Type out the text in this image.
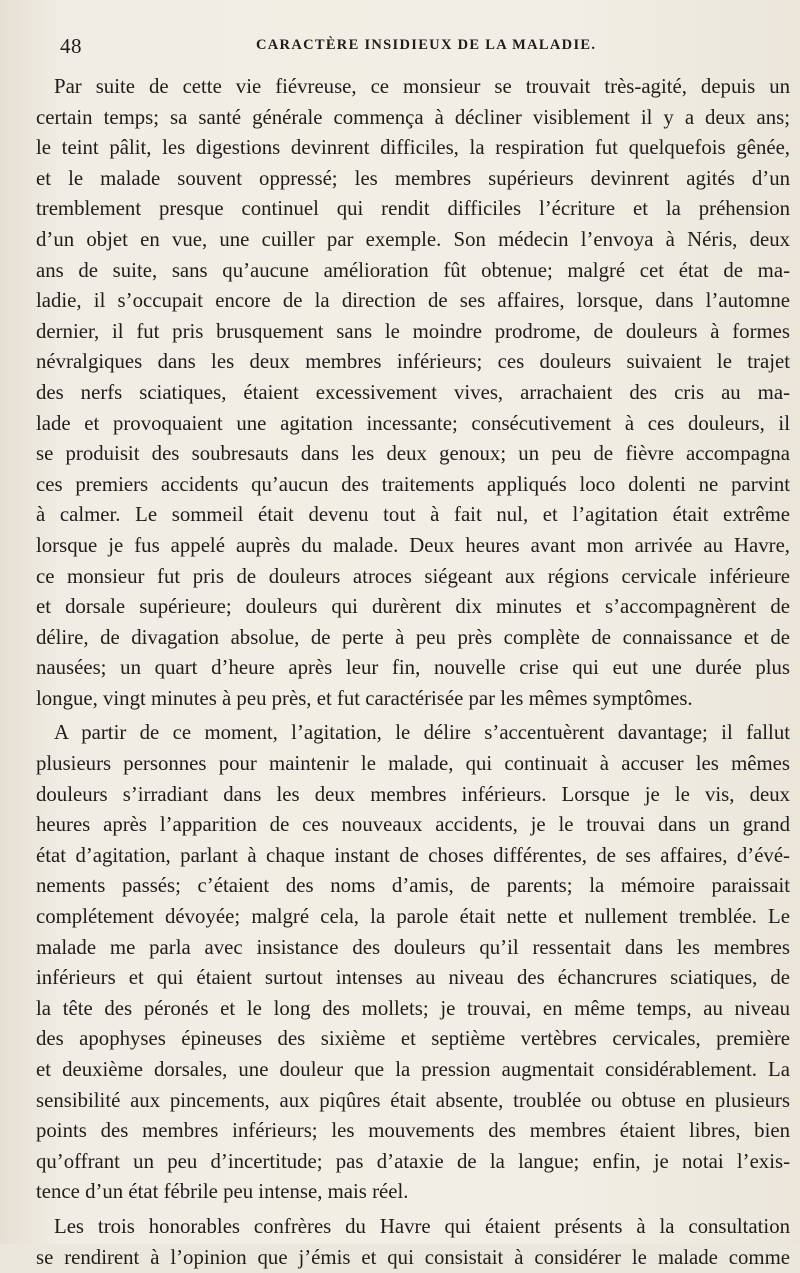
48	CARACTÈRE INSIDIEUX DE LA MALADIE.
Par suite de cette vie fiévreuse, ce monsieur se trouvait très-agité, depuis un
certain temps; sa santé générale commença à décliner visiblement il y a deux ans;
le teint pâlit, les digestions devinrent difficiles, la respiration fut quelquefois gênée,
et le malade souvent oppressé; les membres supérieurs devinrent agités d’un
tremblement presque continuel qui rendit difficiles l’écriture et la préhension
d’un objet en vue, une cuiller par exemple. Son médecin l’envoya à Néris, deux
ans de suite, sans qu’aucune amélioration fût obtenue; malgré cet état de ma-
ladie, il s’occupait encore de la direction de ses affaires, lorsque, dans l’automne
dernier, il fut pris brusquement sans le moindre prodrome, de douleurs à formes
névralgiques dans les deux membres inférieurs; ces douleurs suivaient le trajet
des nerfs sciatiques, étaient excessivement vives, arrachaient des cris au ma-
lade et provoquaient une agitation incessante; consécutivement à ces douleurs, il
se produisit des soubresauts dans les deux genoux; un peu de fièvre accompagna
ces premiers accidents qu’aucun des traitements appliqués loco dolenti ne parvint
à calmer. Le sommeil était devenu tout à fait nul, et l’agitation était extrême
lorsque je fus appelé auprès du malade. Deux heures avant mon arrivée au Havre,
ce monsieur fut pris de douleurs atroces siégeant aux régions cervicale inférieure
et dorsale supérieure; douleurs qui durèrent dix minutes et s’accompagnèrent de
délire, de divagation absolue, de perte à peu près complète de connaissance et de
nausées; un quart d’heure après leur fin, nouvelle crise qui eut une durée plus
longue, vingt minutes à peu près, et fut caractérisée par les mêmes symptômes.
A partir de ce moment, l’agitation, le délire s’accentuèrent davantage; il fallut
plusieurs personnes pour maintenir le malade, qui continuait à accuser les mêmes
douleurs s’irradiant dans les deux membres inférieurs. Lorsque je le vis, deux
heures après l’apparition de ces nouveaux accidents, je le trouvai dans un grand
état d’agitation, parlant à chaque instant de choses différentes, de ses affaires, d’évé-
nements passés; c’étaient des noms d’amis, de parents; la mémoire paraissait
complétement dévoyée; malgré cela, la parole était nette et nullement tremblée. Le
malade me parla avec insistance des douleurs qu’il ressentait dans les membres
inférieurs et qui étaient surtout intenses au niveau des échancrures sciatiques, de
la tête des péronés et le long des mollets; je trouvai, en même temps, au niveau
des apophyses épineuses des sixième et septième vertèbres cervicales, première
et deuxième dorsales, une douleur que la pression augmentait considérablement. La
sensibilité aux pincements, aux piqûres était absente, troublée ou obtuse en plusieurs
points des membres inférieurs; les mouvements des membres étaient libres, bien
qu’offrant un peu d’incertitude; pas d’ataxie de la langue; enfin, je notai l’exis-
tence d’un état fébrile peu intense, mais réel.
Les trois honorables confrères du Havre qui étaient présents à la consultation
se rendirent à l’opinion que j’émis et qui consistait à considérer le malade comme
